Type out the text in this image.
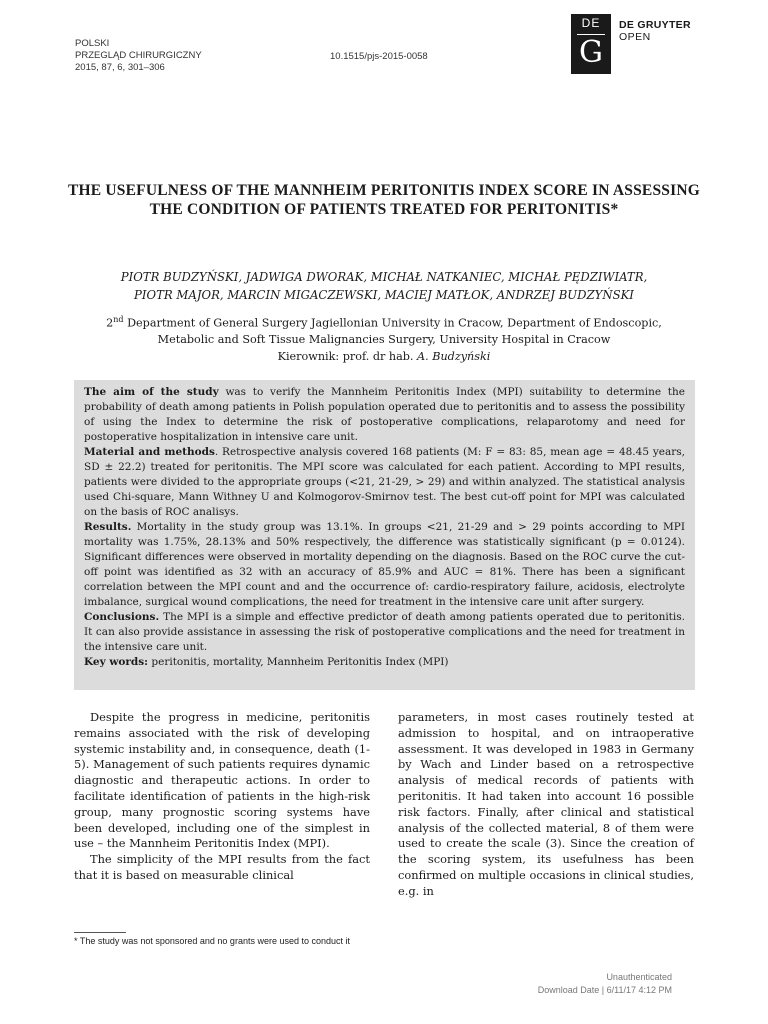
POLSKI
PRZEGLĄD CHIRURGICZNY
2015, 87, 6, 301–306
10.1515/pjs-2015-0058
DE
G
DE GRUYTER
OPEN
THE USEFULNESS OF THE MANNHEIM PERITONITIS INDEX SCORE IN ASSESSING THE CONDITION OF PATIENTS TREATED FOR PERITONITIS*
PIOTR BUDZYŃSKI, JADWIGA DWORAK, MICHAŁ NATKANIEC, MICHAŁ PĘDZIWIATR,
PIOTR MAJOR, MARCIN MIGACZEWSKI, MACIEJ MATŁOK, ANDRZEJ BUDZYŃSKI
2nd Department of General Surgery Jagiellonian University in Cracow, Department of Endoscopic,
Metabolic and Soft Tissue Malignancies Surgery, University Hospital in Cracow
Kierownik: prof. dr hab. A. Budzyński

The aim of the study was to verify the Mannheim Peritonitis Index (MPI) suitability to determine the probability of death among patients in Polish population operated due to peritonitis and to assess the possibility of using the Index to determine the risk of postoperative complications, relaparotomy and need for postoperative hospitalization in intensive care unit.

Material and methods. Retrospective analysis covered 168 patients (M: F = 83: 85, mean age = 48.45 years, SD ± 22.2) treated for peritonitis. The MPI score was calculated for each patient. According to MPI results, patients were divided to the appropriate groups (<21, 21-29, > 29) and within analyzed. The statistical analysis used Chi-square, Mann Withney U and Kolmogorov-Smirnov test. The best cut-off point for MPI was calculated on the basis of ROC analisys.

Results. Mortality in the study group was 13.1%. In groups <21, 21-29 and > 29 points according to MPI mortality was 1.75%, 28.13% and 50% respectively, the difference was statistically significant (p = 0.0124). Significant differences were observed in mortality depending on the diagnosis. Based on the ROC curve the cut-off point was identified as 32 with an accuracy of 85.9% and AUC = 81%. There has been a significant correlation between the MPI count and and the occurrence of: cardio-respiratory failure, acidosis, electrolyte imbalance, surgical wound complications, the need for treatment in the intensive care unit after surgery.

Conclusions. The MPI is a simple and effective predictor of death among patients operated due to peritonitis. It can also provide assistance in assessing the risk of postoperative complications and the need for treatment in the intensive care unit.

Key words: peritonitis, mortality, Mannheim Peritonitis Index (MPI)

Despite the progress in medicine, peritonitis remains associated with the risk of developing systemic instability and, in consequence, death (1-5). Management of such patients requires dynamic diagnostic and therapeutic actions. In order to facilitate identification of patients in the high-risk group, many prognostic scoring systems have been developed, including one of the simplest in use – the Mannheim Peritonitis Index (MPI).

The simplicity of the MPI results from the fact that it is based on measurable clinical

parameters, in most cases routinely tested at admission to hospital, and on intraoperative assessment. It was developed in 1983 in Germany by Wach and Linder based on a retrospective analysis of medical records of patients with peritonitis. It had taken into account 16 possible risk factors. Finally, after clinical and statistical analysis of the collected material, 8 of them were used to create the scale (3). Since the creation of the scoring system, its usefulness has been confirmed on multiple occasions in clinical studies, e.g. in

* The study was not sponsored and no grants were used to conduct it
Unauthenticated
Download Date | 6/11/17 4:12 PM
